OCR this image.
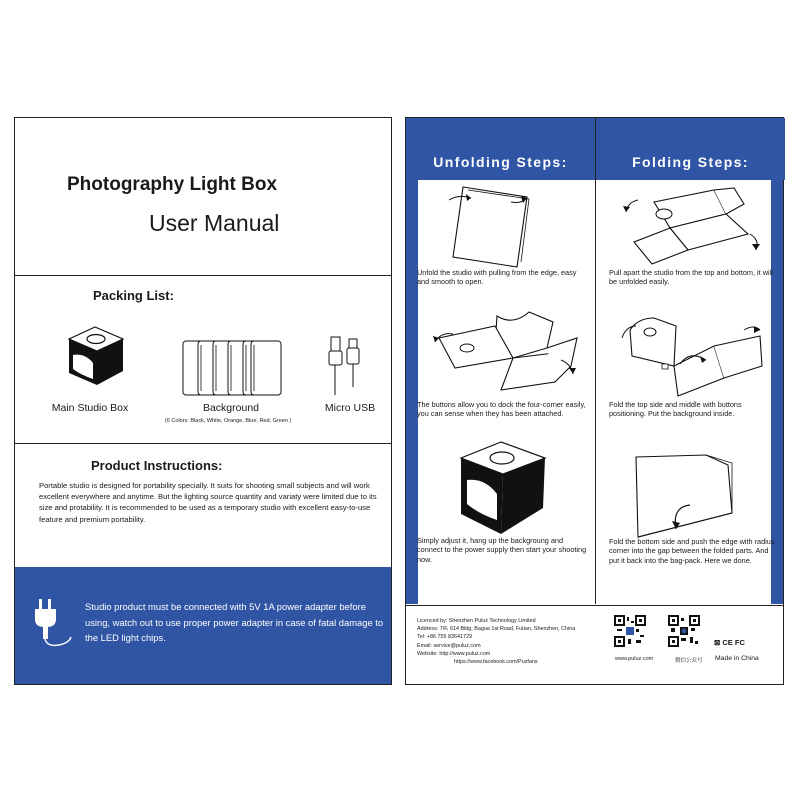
Photography Light Box
User Manual
Packing List:
Main Studio Box	Background	Micro USB
(6 Colors: Black, White, Orange, Blue, Red, Green )
Product Instructions:
Portable studio is designed for portability specially. It suits for shooting small subjects and will work excellent everywhere and anytime. But the lighting source quantity and variaty were limited due to its size and protability. It is recommended to be used as a temporary studio with excellent easy-to-use feature and premium portability.
Studio product must be connected with 5V 1A power adapter before using, watch out to use proper power adapter in case of fatal damage to the LED light chips.
Unfolding Steps:	Folding Steps:
Unfold the studio with pulling from the edge, easy and smooth to open.
The buttons allow you to dock the four-corner easily, you can sense when they has been attached.
Simply adjust it, hang up the backgroung and connect to the power supply then start your shooting now.
Pull apart the studio from the top and bottom, it will be unfolded easily.
Fold the top side and middle with buttons positioning. Put the background inside.
Fold the bottom side and push the edge with radius corner into the gap between the folded parts. And put it back into the bag-pack. Here we done.
Licenced by: Shenzhen Puluz Technology Limited
Address: 7/F, 614 Bldg, Bagua 1st Road, Futian, Shenzhen, China
Tel: +86 755 83641729
Email: service@puluz.com
Website: http://www.puluz.com
https://www.facebook.com/Puzfans	www.puluz.com	微信公众号
⊠ CE FC
Made in China
